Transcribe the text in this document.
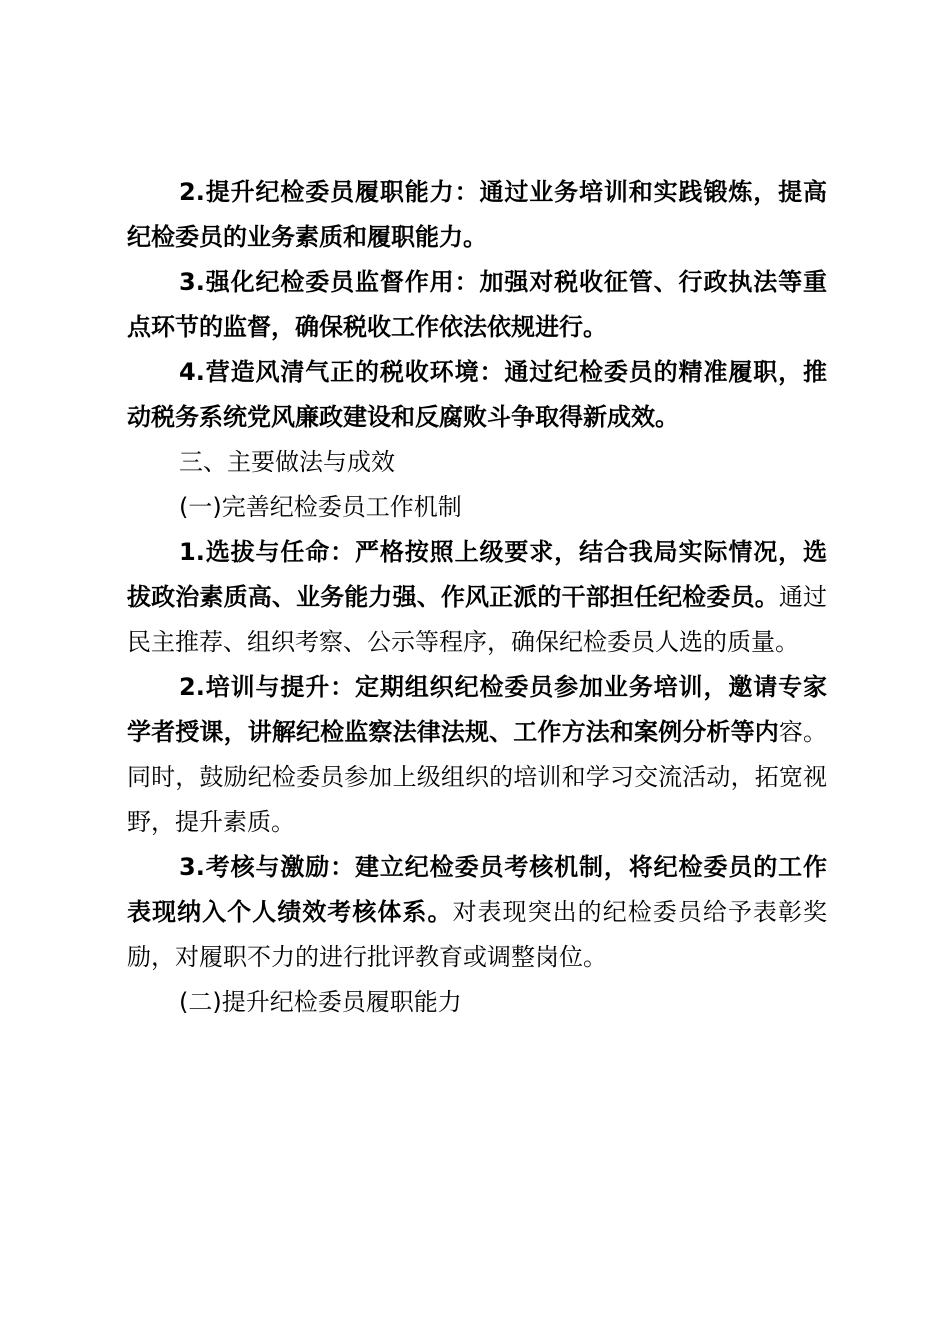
2.提升纪检委员履职能力：通过业务培训和实践锻炼，提高纪检委员的业务素质和履职能力。

3.强化纪检委员监督作用：加强对税收征管、行政执法等重点环节的监督，确保税收工作依法依规进行。

4.营造风清气正的税收环境：通过纪检委员的精准履职，推动税务系统党风廉政建设和反腐败斗争取得新成效。

三、主要做法与成效

(一)完善纪检委员工作机制

1.选拔与任命：严格按照上级要求，结合我局实际情况，选拔政治素质高、业务能力强、作风正派的干部担任纪检委员。通过民主推荐、组织考察、公示等程序，确保纪检委员人选的质量。

2.培训与提升：定期组织纪检委员参加业务培训，邀请专家学者授课，讲解纪检监察法律法规、工作方法和案例分析等内容。同时，鼓励纪检委员参加上级组织的培训和学习交流活动，拓宽视野，提升素质。

3.考核与激励：建立纪检委员考核机制，将纪检委员的工作表现纳入个人绩效考核体系。对表现突出的纪检委员给予表彰奖励，对履职不力的进行批评教育或调整岗位。

(二)提升纪检委员履职能力
